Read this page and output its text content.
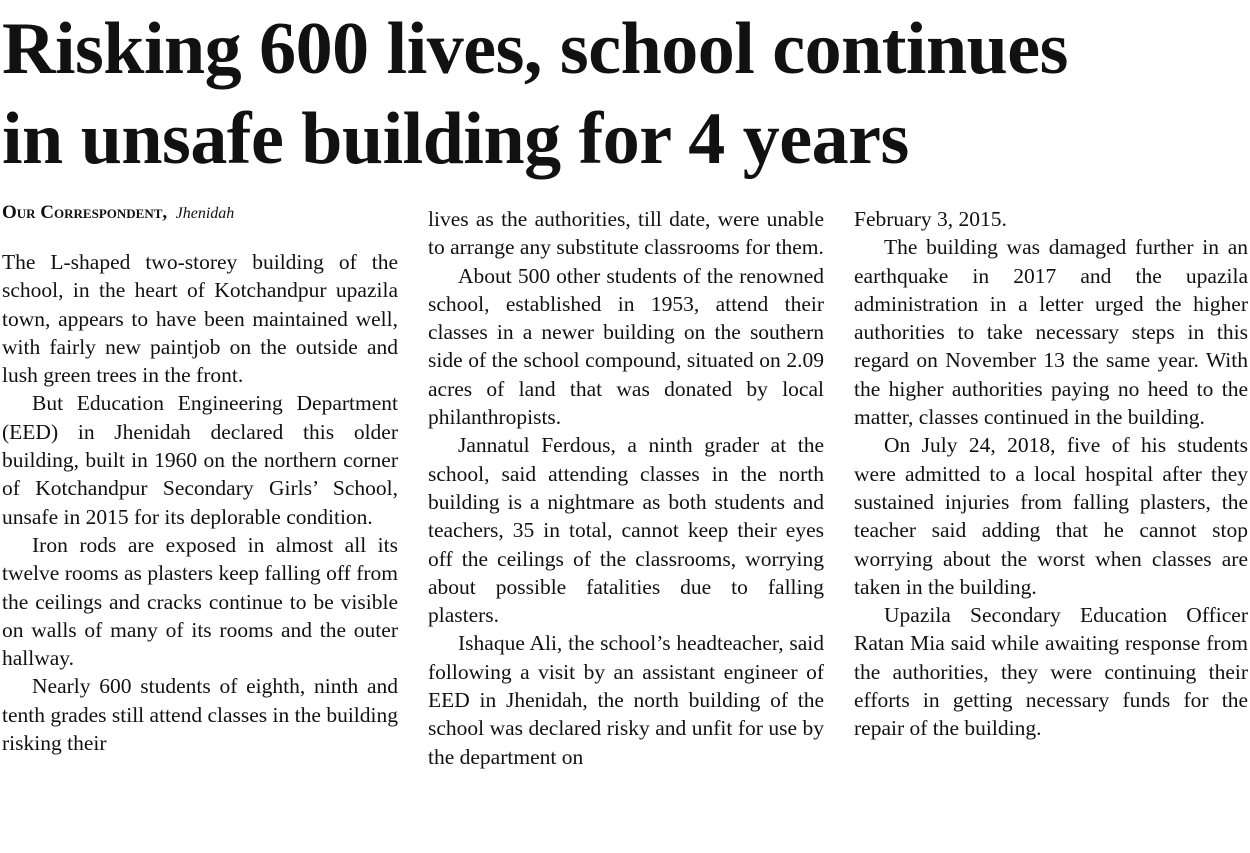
Risking 600 lives, school continues
in unsafe building for 4 years
Our Correspondent, Jhenidah

The L-shaped two-storey building of the school, in the heart of Kotchandpur upazila town, appears to have been maintained well, with fairly new paintjob on the outside and lush green trees in the front.

But Education Engineering Department (EED) in Jhenidah declared this older building, built in 1960 on the northern corner of Kotchandpur Secondary Girls’ School, unsafe in 2015 for its deplorable condition.

Iron rods are exposed in almost all its twelve rooms as plasters keep falling off from the ceilings and cracks continue to be visible on walls of many of its rooms and the outer hallway.

Nearly 600 students of eighth, ninth and tenth grades still attend classes in the building risking their

lives as the authorities, till date, were unable to arrange any substitute classrooms for them.

About 500 other students of the renowned school, established in 1953, attend their classes in a newer building on the southern side of the school compound, situated on 2.09 acres of land that was donated by local philanthropists.

Jannatul Ferdous, a ninth grader at the school, said attending classes in the north building is a nightmare as both students and teachers, 35 in total, cannot keep their eyes off the ceilings of the classrooms, worrying about possible fatalities due to falling plasters.

Ishaque Ali, the school’s headteacher, said following a visit by an assistant engineer of EED in Jhenidah, the north building of the school was declared risky and unfit for use by the department on

February 3, 2015.

The building was damaged further in an earthquake in 2017 and the upazila administration in a letter urged the higher authorities to take necessary steps in this regard on November 13 the same year. With the higher authorities paying no heed to the matter, classes continued in the building.

On July 24, 2018, five of his students were admitted to a local hospital after they sustained injuries from falling plasters, the teacher said adding that he cannot stop worrying about the worst when classes are taken in the building.

Upazila Secondary Education Officer Ratan Mia said while awaiting response from the authorities, they were continuing their efforts in getting necessary funds for the repair of the building.
